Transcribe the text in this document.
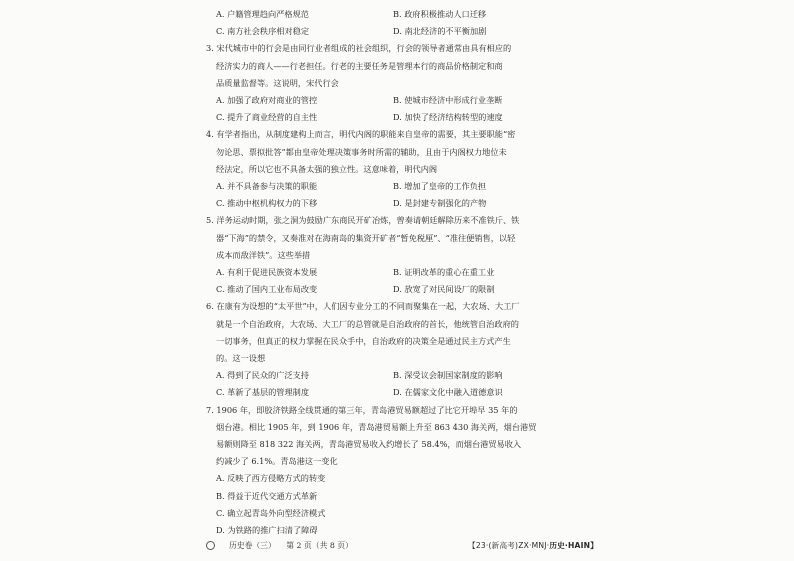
A. 户籍管理趋向严格规范	B. 政府积极推动人口迁移
C. 南方社会秩序相对稳定	D. 南北经济的不平衡加剧
3. 宋代城市中的行会是由同行业者组成的社会组织，行会的领导者通常由具有相应的
经济实力的商人——行老担任。行老的主要任务是管理本行的商品价格制定和商
品质量监督等。这说明，宋代行会
A. 加强了政府对商业的管控	B. 使城市经济中形成行业垄断
C. 提升了商业经营的自主性	D. 加快了经济结构转型的速度
4. 有学者指出，从制度建构上而言，明代内阁的职能来自皇帝的需要，其主要职能“密
勿论思、票拟批答”都由皇帝处理决策事务时所需的辅助，且由于内阁权力地位未
经法定，所以它也不具备太强的独立性。这意味着，明代内阁
A. 并不具备参与决策的职能	B. 增加了皇帝的工作负担
C. 推动中枢机构权力的下移	D. 是封建专制强化的产物
5. 洋务运动时期，张之洞为鼓励广东商民开矿冶炼，曾奏请朝廷解除历来不准铁斤、铁
器“下海”的禁令，又奏准对在海南岛的集资开矿者“暂免税厘”、“准往便销售，以轻
成本而敌洋铁”。这些举措
A. 有利于促进民族资本发展	B. 证明改革的重心在重工业
C. 推动了国内工业布局改变	D. 放宽了对民间设厂的限制
6. 在康有为设想的“太平世”中，人们因专业分工的不同而聚集在一起，大农场、大工厂
就是一个自治政府，大农场、大工厂的总管就是自治政府的首长，他统管自治政府的
一切事务，但真正的权力掌握在民众手中，自治政府的决策全是通过民主方式产生
的。这一设想
A. 得到了民众的广泛支持	B. 深受议会制国家制度的影响
C. 革新了基层的管理制度	D. 在儒家文化中融入道德意识
7. 1906 年，即胶济铁路全线贯通的第三年，青岛港贸易额超过了比它开埠早 35 年的
烟台港。相比 1905 年，到 1906 年，青岛港贸易额上升至 863 430 海关两，烟台港贸
易额则降至 818 322 海关两，青岛港贸易收入约增长了 58.4%，而烟台港贸易收入
约减少了 6.1%。青岛港这一变化
A. 反映了西方侵略方式的转变
B. 得益于近代交通方式革新
C. 确立起青岛外向型经济模式
D. 为铁路的推广扫清了障碍
历史卷（三） 第 2 页（共 8 页）	【23·(新高考)ZX·MNJ·历史·HAIN】
